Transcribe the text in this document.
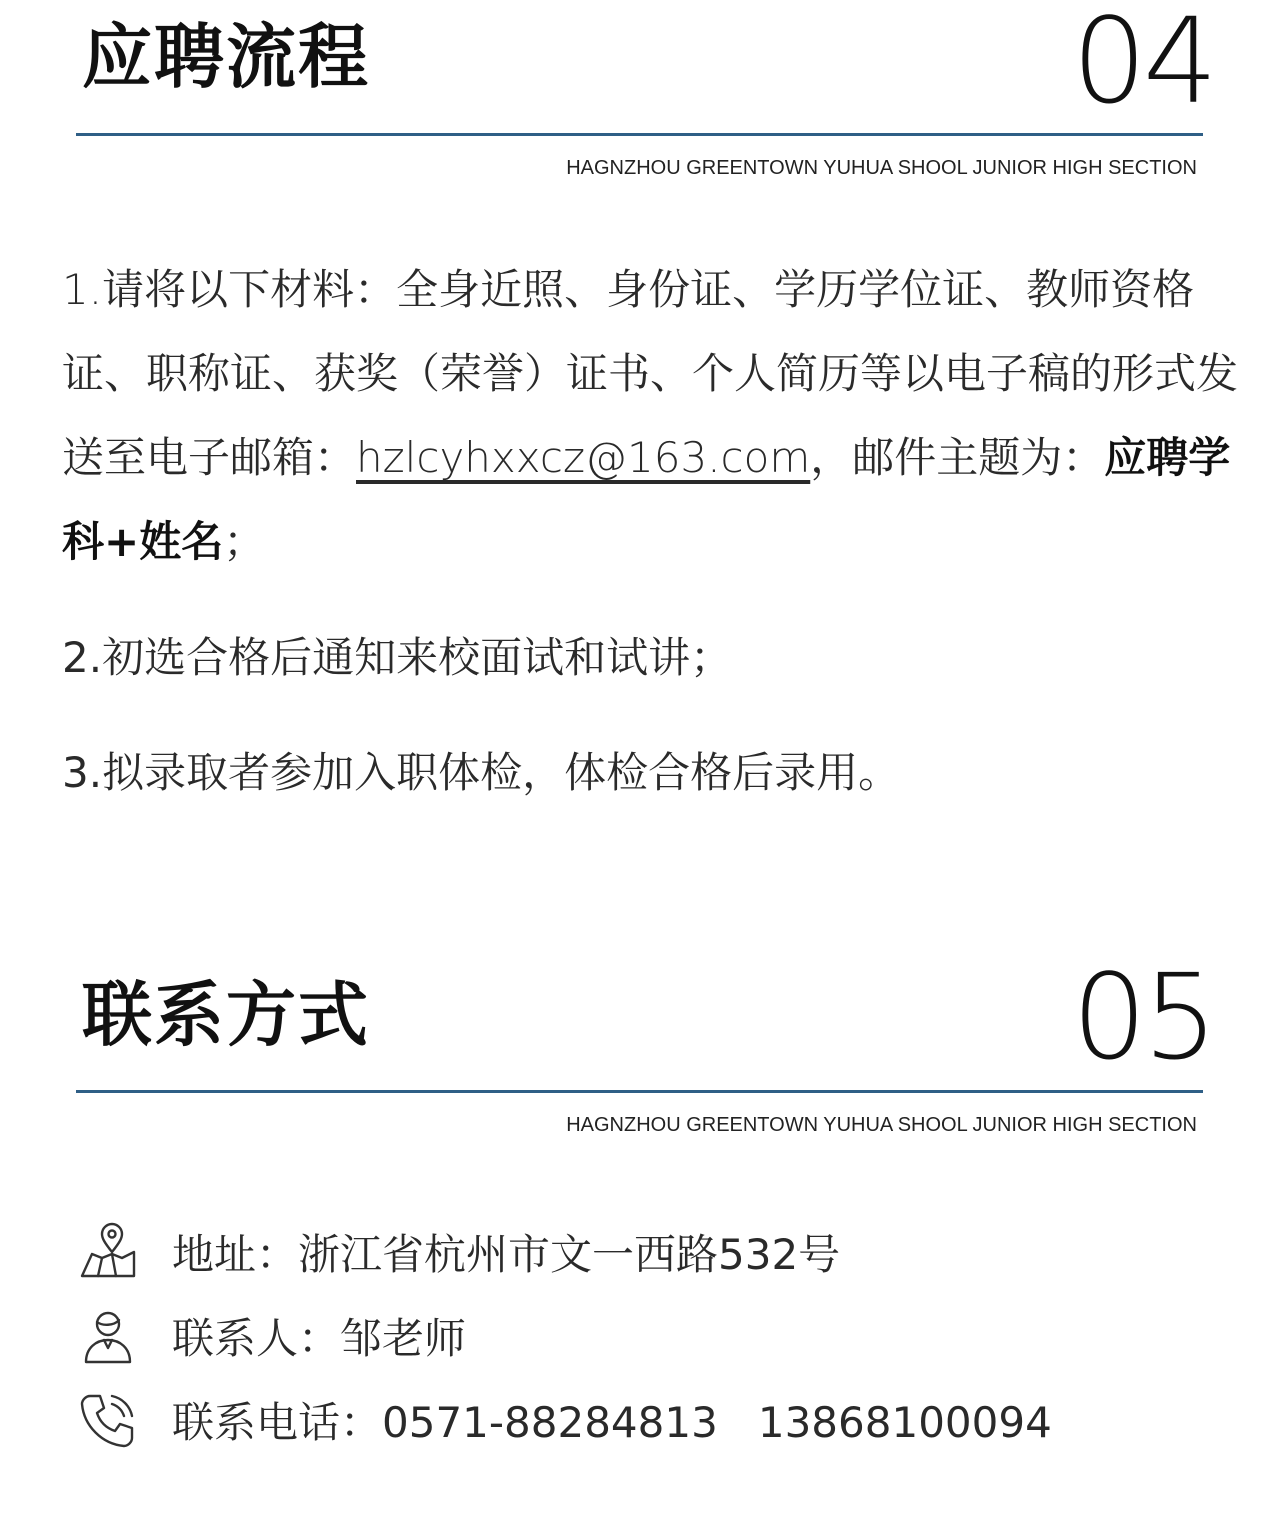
应聘流程	04
HAGNZHOU GREENTOWN YUHUA SHOOL JUNIOR HIGH SECTION
1.请将以下材料：全身近照、身份证、学历学位证、教师资格证、职称证、获奖（荣誉）证书、个人简历等以电子稿的形式发送至电子邮箱：hzlcyhxxcz@163.com，邮件主题为：应聘学科+姓名；
2.初选合格后通知来校面试和试讲；
3.拟录取者参加入职体检，体检合格后录用。
联系方式	05
HAGNZHOU GREENTOWN YUHUA SHOOL JUNIOR HIGH SECTION
地址：浙江省杭州市文一西路532号
联系人：邹老师
联系电话：0571-88284813   13868100094
